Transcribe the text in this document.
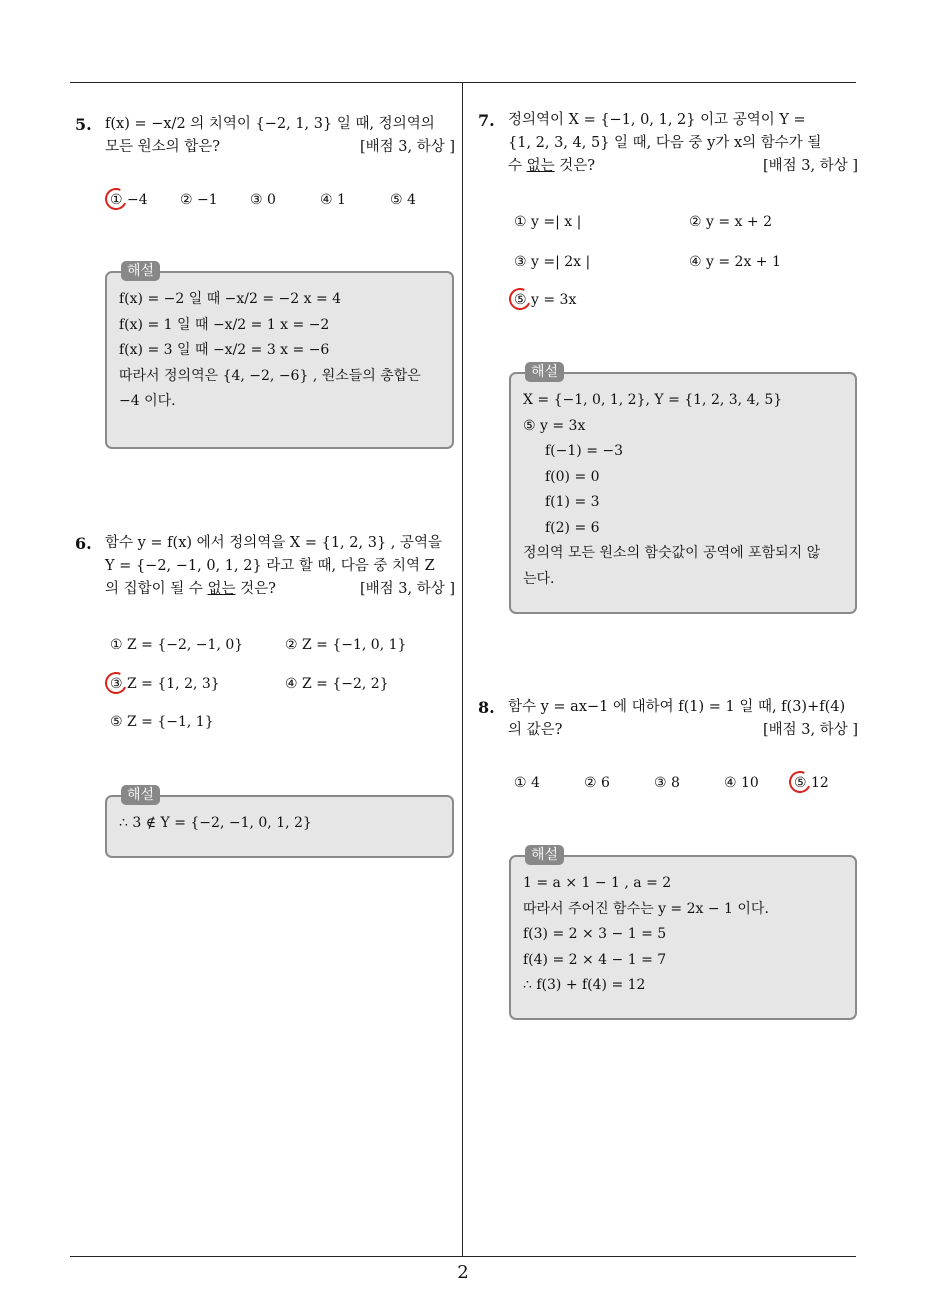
5. f(x) = −x/2 의 치역이 {−2, 1, 3} 일 때, 정의역의
모든 원소의 합은?	[배점 3, 하상 ]
① −4 ② −1 ③ 0	④ 1	⑤ 4
해설
f(x) = −2 일 때 −x/2 = −2 x = 4
f(x) = 1 일 때 −x/2 = 1 x = −2
f(x) = 3 일 때 −x/2 = 3 x = −6
따라서 정의역은 {4, −2, −6} , 원소들의 총합은
−4 이다.
6. 함수 y = f(x) 에서 정의역을 X = {1, 2, 3} , 공역을
Y = {−2, −1, 0, 1, 2} 라고 할 때, 다음 중 치역 Z
의 집합이 될 수 없는 것은?	[배점 3, 하상 ]
① Z = {−2, −1, 0}	② Z = {−1, 0, 1}
③ Z = {1, 2, 3}	④ Z = {−2, 2}
⑤ Z = {−1, 1}
해설
∴ 3 ∉ Y = {−2, −1, 0, 1, 2}
7. 정의역이 X = {−1, 0, 1, 2} 이고 공역이 Y =
{1, 2, 3, 4, 5} 일 때, 다음 중 y가 x의 함수가 될
수 없는 것은?	[배점 3, 하상 ]
① y =| x |	② y = x + 2
③ y =| 2x |	④ y = 2x + 1
⑤ y = 3x
해설
X = {−1, 0, 1, 2}, Y = {1, 2, 3, 4, 5}
⑤ y = 3x
f(−1) = −3
f(0) = 0
f(1) = 3
f(2) = 6
정의역 모든 원소의 함숫값이 공역에 포함되지 않
는다.
8. 함수 y = ax−1 에 대하여 f(1) = 1 일 때, f(3)+f(4)
의 값은?	[배점 3, 하상 ]
① 4	② 6	③ 8	④ 10	⑤ 12
해설
1 = a × 1 − 1 , a = 2
따라서 주어진 함수는 y = 2x − 1 이다.
f(3) = 2 × 3 − 1 = 5
f(4) = 2 × 4 − 1 = 7
∴ f(3) + f(4) = 12
2
